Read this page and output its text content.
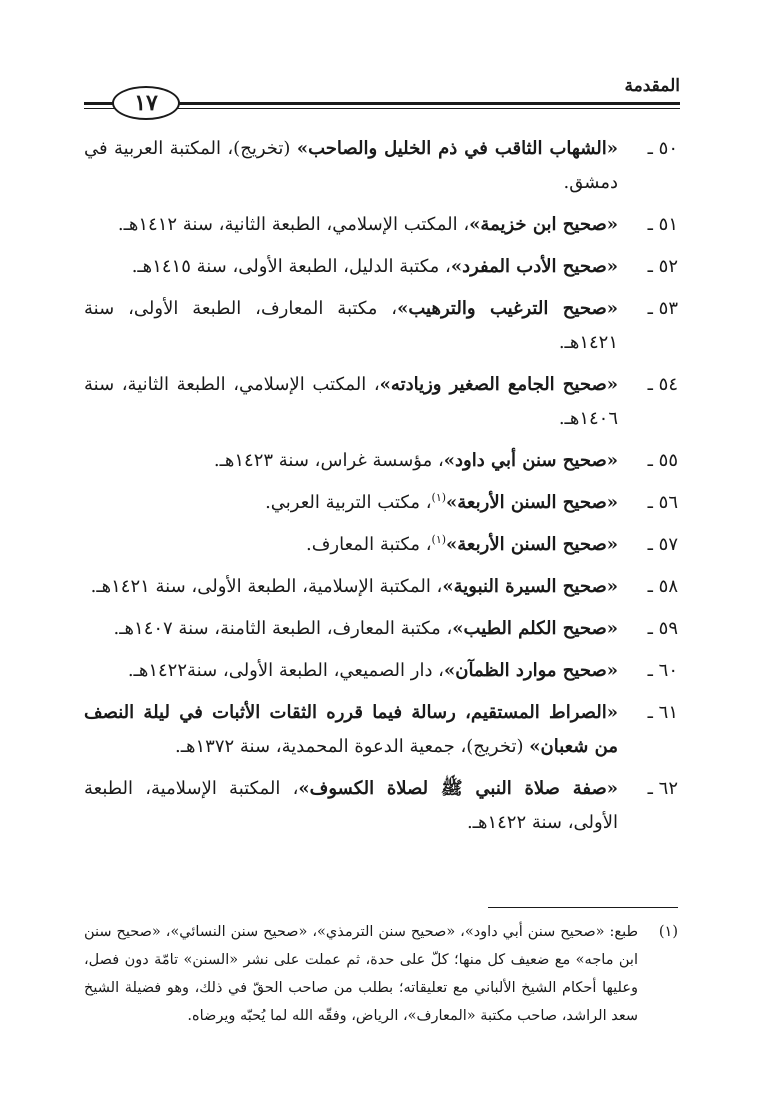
المقدمة
١٧
٥٠ ـ
«الشهاب الثاقب في ذم الخليل والصاحب» (تخريج)، المكتبة العربية في دمشق.
٥١ ـ
«صحيح ابن خزيمة»، المكتب الإسلامي، الطبعة الثانية، سنة ١٤١٢هـ.
٥٢ ـ
«صحيح الأدب المفرد»، مكتبة الدليل، الطبعة الأولى، سنة ١٤١٥هـ.
٥٣ ـ
«صحيح الترغيب والترهيب»، مكتبة المعارف، الطبعة الأولى، سنة ١٤٢١هـ.
٥٤ ـ
«صحيح الجامع الصغير وزيادته»، المكتب الإسلامي، الطبعة الثانية، سنة ١٤٠٦هـ.
٥٥ ـ
«صحيح سنن أبي داود»، مؤسسة غراس، سنة ١٤٢٣هـ.
٥٦ ـ
«صحيح السنن الأربعة»$^{(١)}$، مكتب التربية العربي.
٥٧ ـ
«صحيح السنن الأربعة»$^{(١)}$، مكتبة المعارف.
٥٨ ـ
«صحيح السيرة النبوية»، المكتبة الإسلامية، الطبعة الأولى، سنة ١٤٢١هـ.
٥٩ ـ
«صحيح الكلم الطيب»، مكتبة المعارف، الطبعة الثامنة، سنة ١٤٠٧هـ.
٦٠ ـ
«صحيح موارد الظمآن»، دار الصميعي، الطبعة الأولى، سنة١٤٢٢هـ.
٦١ ـ
«الصراط المستقيم، رسالة فيما قرره الثقات الأثبات في ليلة النصف من شعبان» (تخريج)، جمعية الدعوة المحمدية، سنة ١٣٧٢هـ.
٦٢ ـ
«صفة صلاة النبي ﷺ لصلاة الكسوف»، المكتبة الإسلامية، الطبعة الأولى، سنة ١٤٢٢هـ.
(١)
طبع: «صحيح سنن أبي داود»، «صحيح سنن الترمذي»، «صحيح سنن النسائي»، «صحيح سنن ابن ماجه» مع ضعيف كل منها؛ كلّ على حدة، ثم عملت على نشر «السنن» تامّة دون فصل، وعليها أحكام الشيخ الألباني مع تعليقاته؛ بطلب من صاحب الحقّ في ذلك، وهو فضيلة الشيخ سعد الراشد، صاحب مكتبة «المعارف»، الرياض، وفقّه الله لما يُحبّه ويرضاه.
